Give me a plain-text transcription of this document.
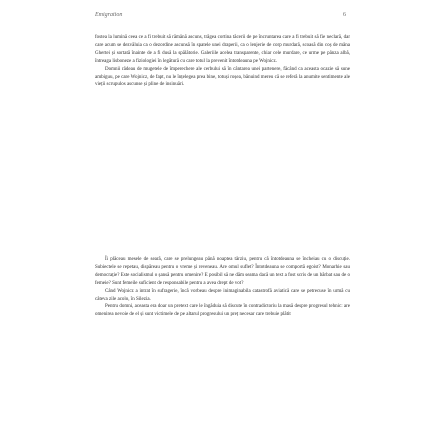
Emigration	6

fostea la lumină ceea ce a fi trebuit să rămână ascuns, trăgea cortina tăcerii de pe încruntarea care a fi trebuit să fie neclară, dar care acum se dezvăluia ca o dezordine ascunsă în spatele unei draperii, ca o lenjerie de corp murdară, scoasă din coș de mâna Ghertei și sortată înainte de a fi dusă la spălătorie. Galeriile acelea transparente, chiar cele murdare, ce urme pe pânza albă, întreaga lisboneze a fiziologiei în legătură cu care totul la prevenit întotdeauna pe Wojnicz.

Domnii râdeau de mugetele de împerechere ale cerbului să în cântarea unei partenere, făcând ca aceasta ocazie să sune ambiguu, pe care Wojnicz, de fapt, nu le înțelegea prea bine, totuși roșea, bănuind mereu că se referă la anumite sentimente ale vieții scrupulos ascunse și pline de insinuări.

Îi plăceau mesele de seară, care se prelungeau până noaptea târziu, pentru că întotdeauna se încheiau cu o discuție. Subiectele se repetau, dispăreau pentru o vreme și reveneau. Are omul suflet? Întotdeauna se comportă egoist? Monarhie sau democrație? Este socialismul o șansă pentru omenire? E posibil să ne dăm seama dacă un text a fost scris de un bărbat sau de o femeie? Sunt femeile suficient de responsabile pentru a avea drept de vot?

Când Wojnicz a intrat în sufragerie, încă vorbeau despre inimaginabila catastrofă aviatică care se petrecuse în urmă cu câteva zile acolo, în Silezia.

Pentru domni, aceasta era doar un pretext care le îngăduia să discute în contradictoriu la masă despre progresul tehnic: are omenirea nevoie de el și sunt victimele de pe altarul progresului un preț necesar care trebuie plătit
